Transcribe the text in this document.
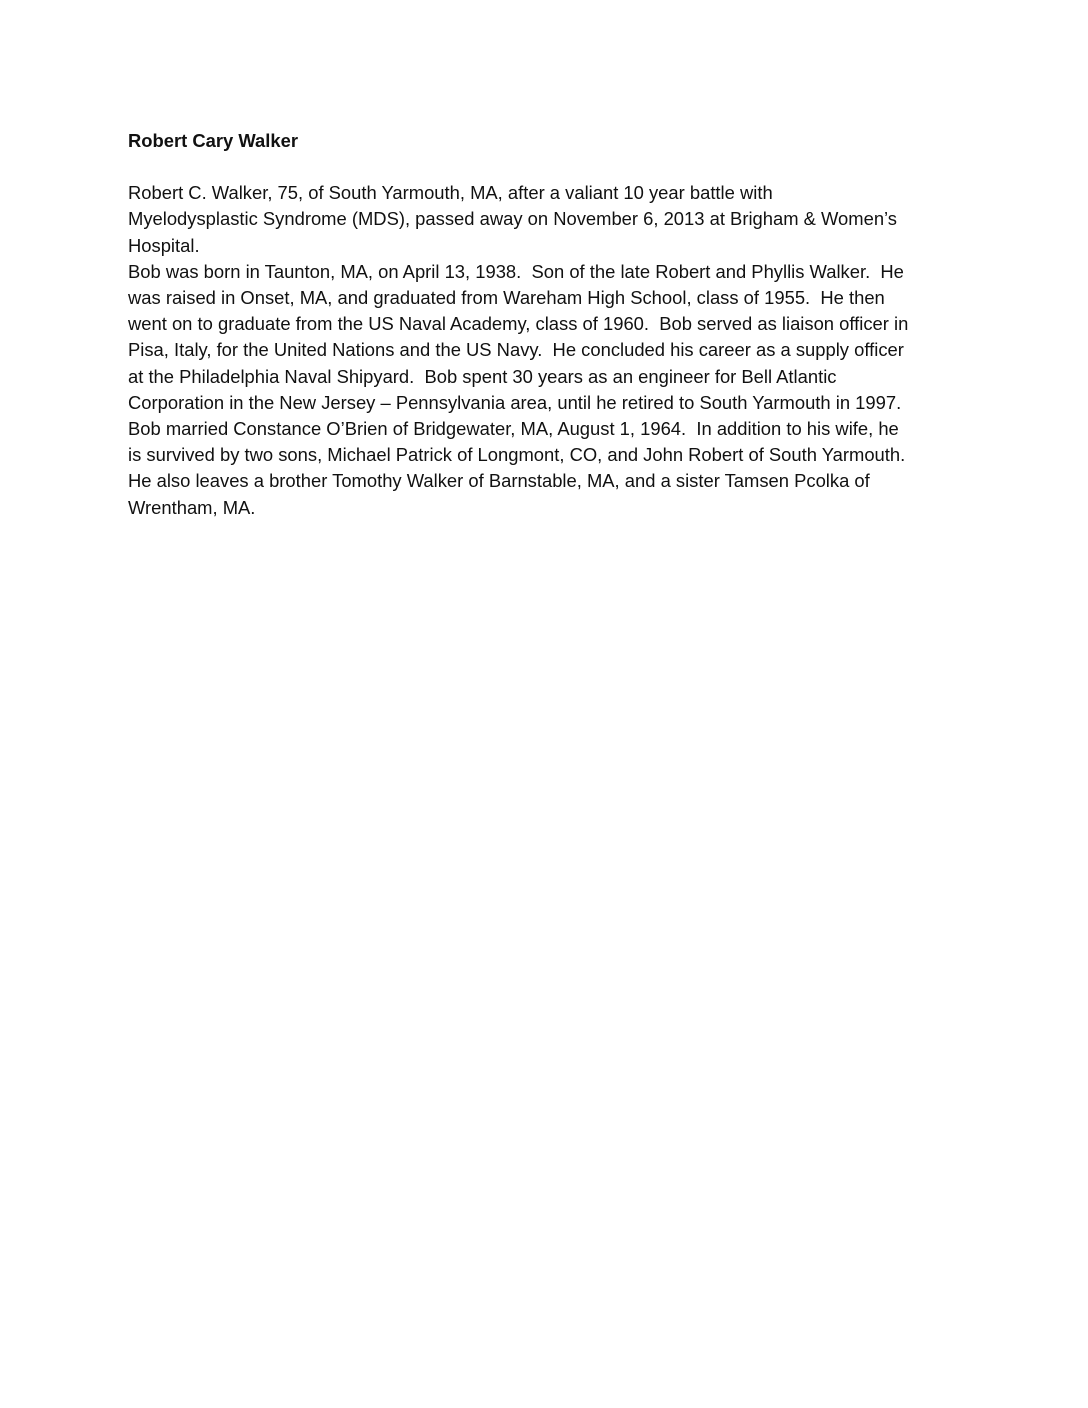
Robert Cary Walker

Robert C. Walker, 75, of South Yarmouth, MA, after a valiant 10 year battle with

Myelodysplastic Syndrome (MDS), passed away on November 6, 2013 at Brigham & Women’s

Hospital.

Bob was born in Taunton, MA, on April 13, 1938.  Son of the late Robert and Phyllis Walker.  He

was raised in Onset, MA, and graduated from Wareham High School, class of 1955.  He then

went on to graduate from the US Naval Academy, class of 1960.  Bob served as liaison officer in

Pisa, Italy, for the United Nations and the US Navy.  He concluded his career as a supply officer

at the Philadelphia Naval Shipyard.  Bob spent 30 years as an engineer for Bell Atlantic

Corporation in the New Jersey – Pennsylvania area, until he retired to South Yarmouth in 1997.

Bob married Constance O’Brien of Bridgewater, MA, August 1, 1964.  In addition to his wife, he

is survived by two sons, Michael Patrick of Longmont, CO, and John Robert of South Yarmouth.

He also leaves a brother Tomothy Walker of Barnstable, MA, and a sister Tamsen Pcolka of

Wrentham, MA.
